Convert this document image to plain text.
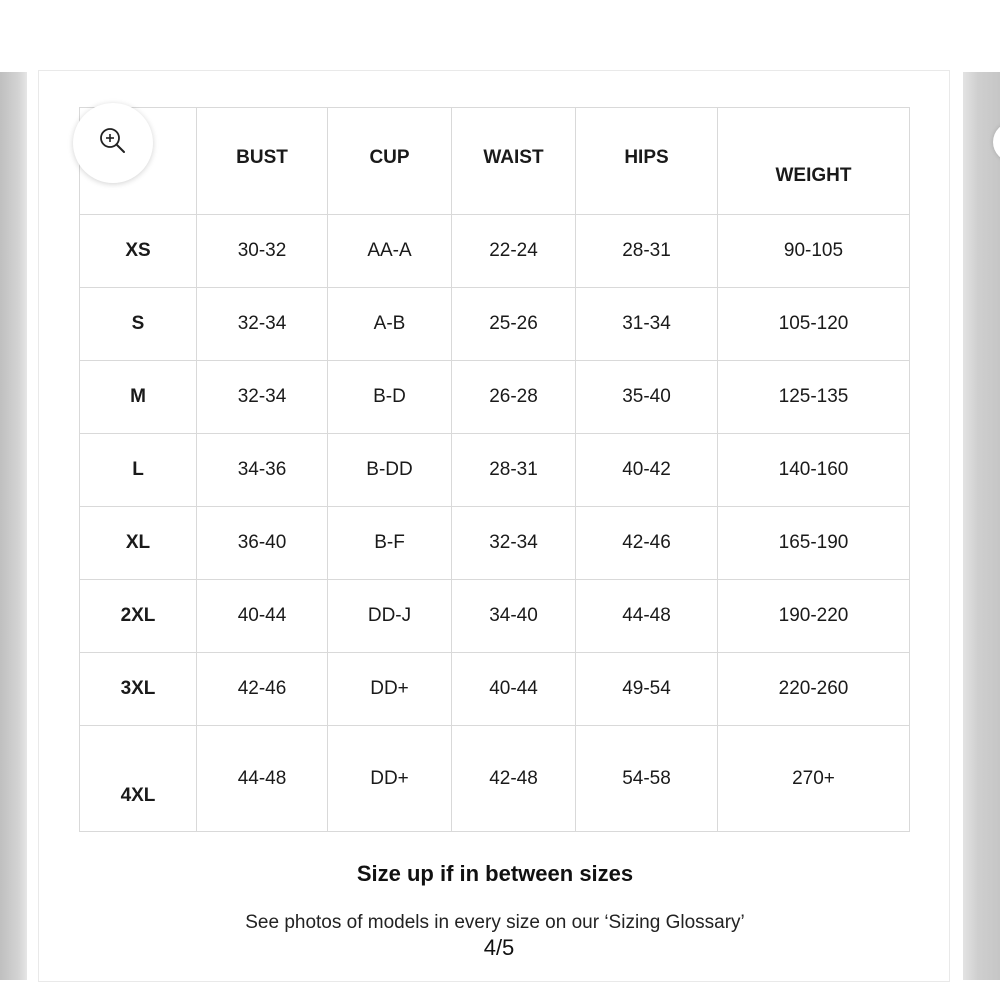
	BUST	CUP	WAIST	HIPS	WEIGHT
XS	30-32	AA-A	22-24	28-31	90-105
S	32-34	A-B	25-26	31-34	105-120
M	32-34	B-D	26-28	35-40	125-135
L	34-36	B-DD	28-31	40-42	140-160
XL	36-40	B-F	32-34	42-46	165-190
2XL	40-44	DD-J	34-40	44-48	190-220
3XL	42-46	DD+	40-44	49-54	220-260
4XL	44-48	DD+	42-48	54-58	270+
Size up if in between sizes
See photos of models in every size on our ‘Sizing Glossary’
4/5
